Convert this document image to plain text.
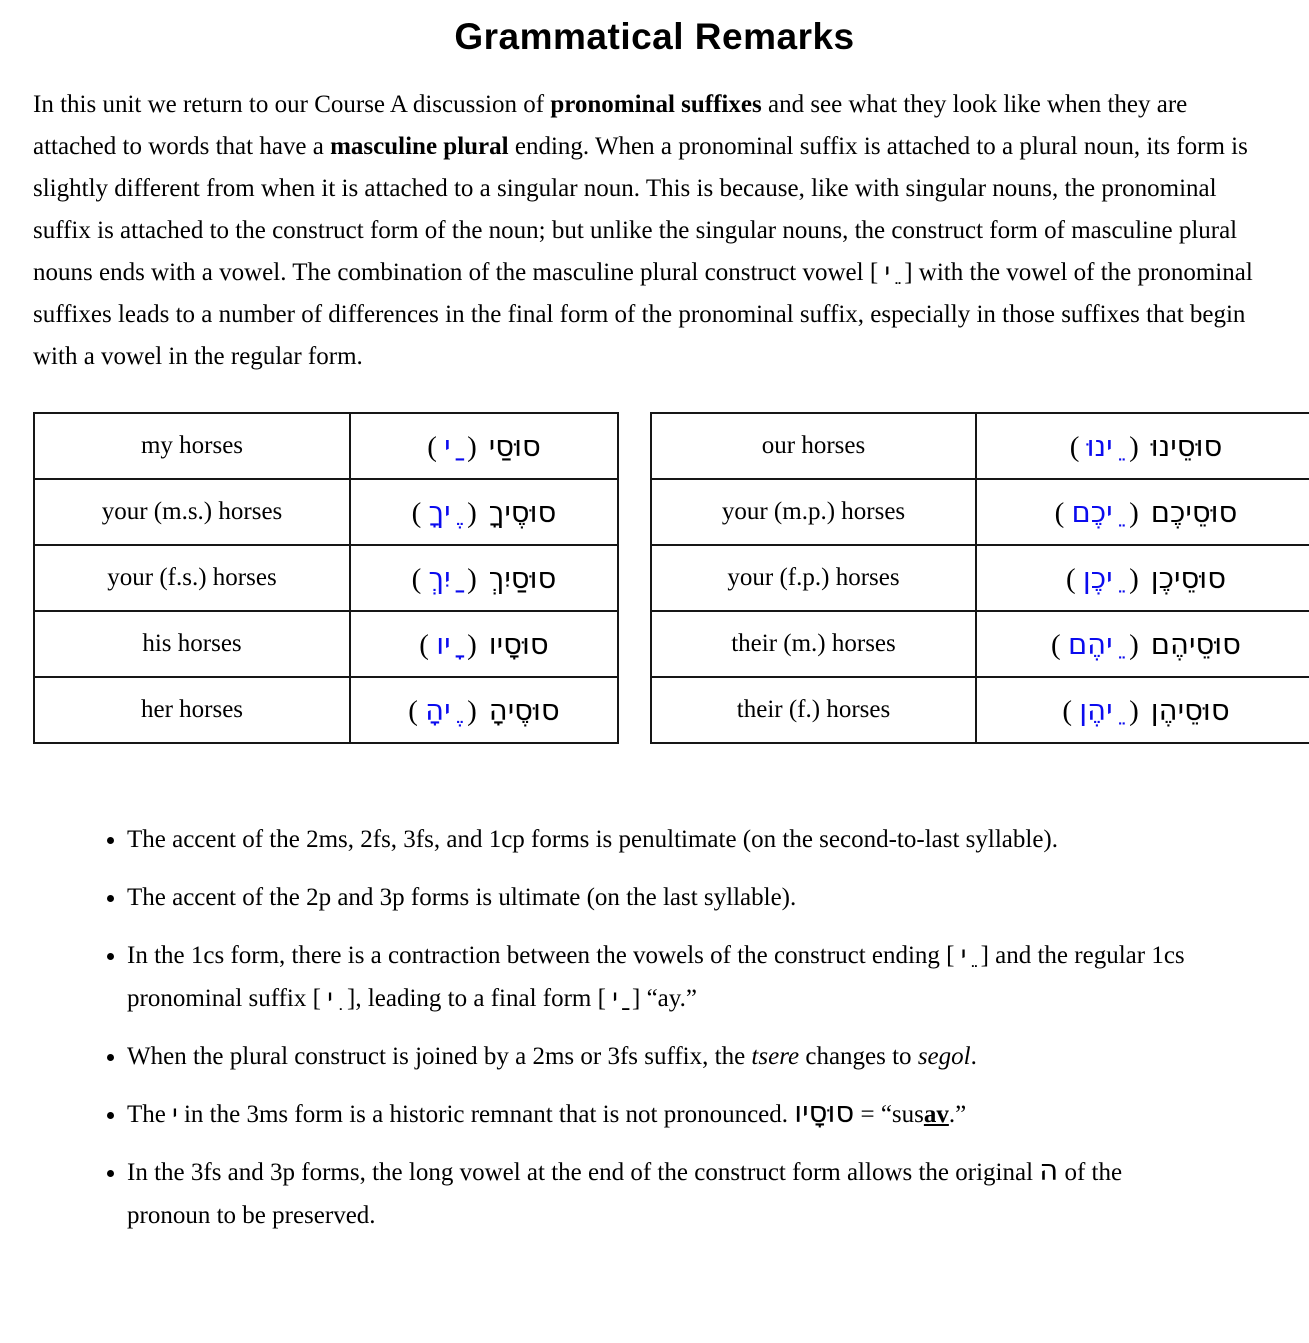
Grammatical Remarks

In this unit we return to our Course A discussion of pronominal suffixes and see what they look like when they are attached to words that have a masculine plural ending. When a pronominal suffix is attached to a plural noun, its form is slightly different from when it is attached to a singular noun. This is because, like with singular nouns, the pronominal suffix is attached to the construct form of the noun; but unlike the singular nouns, the construct form of masculine plural nouns ends with a vowel. The combination of the masculine plural construct vowel [  ֵי ] with the vowel of the pronominal suffixes leads to a number of differences in the final form of the pronominal suffix, especially in those suffixes that begin with a vowel in the regular form.

my horses	(  ַי ) סוּסַי
your (m.s.) horses	(  ֶיךָ ) סוּסֶיךָ
your (f.s.) horses	(  ַיִךְ ) סוּסַיִךְ
his horses	(  ָיו ) סוּסָיו
her horses	(  ֶיהָ ) סוּסֶיהָ
our horses	(  ֵינוּ ) סוּסֵינוּ
your (m.p.) horses	(  ֵיכֶם ) סוּסֵיכֶם
your (f.p.) horses	(  ֵיכֶן ) סוּסֵיכֶן
their (m.) horses	(  ֵיהֶם ) סוּסֵיהֶם
their (f.) horses	(  ֵיהֶן ) סוּסֵיהֶן
• The accent of the 2ms, 2fs, 3fs, and 1cp forms is penultimate (on the second-to-last syllable).
• The accent of the 2p and 3p forms is ultimate (on the last syllable).
• In the 1cs form, there is a contraction between the vowels of the construct ending [  ֵי ] and the regular 1cs pronominal suffix [  ִי ], leading to a final form [  ַי ] “ay.”
• When the plural construct is joined by a 2ms or 3fs suffix, the tsere changes to segol.
• The י in the 3ms form is a historic remnant that is not pronounced. סוּסָיו = “susav.”
• In the 3fs and 3p forms, the long vowel at the end of the construct form allows the original ה of the pronoun to be preserved.
